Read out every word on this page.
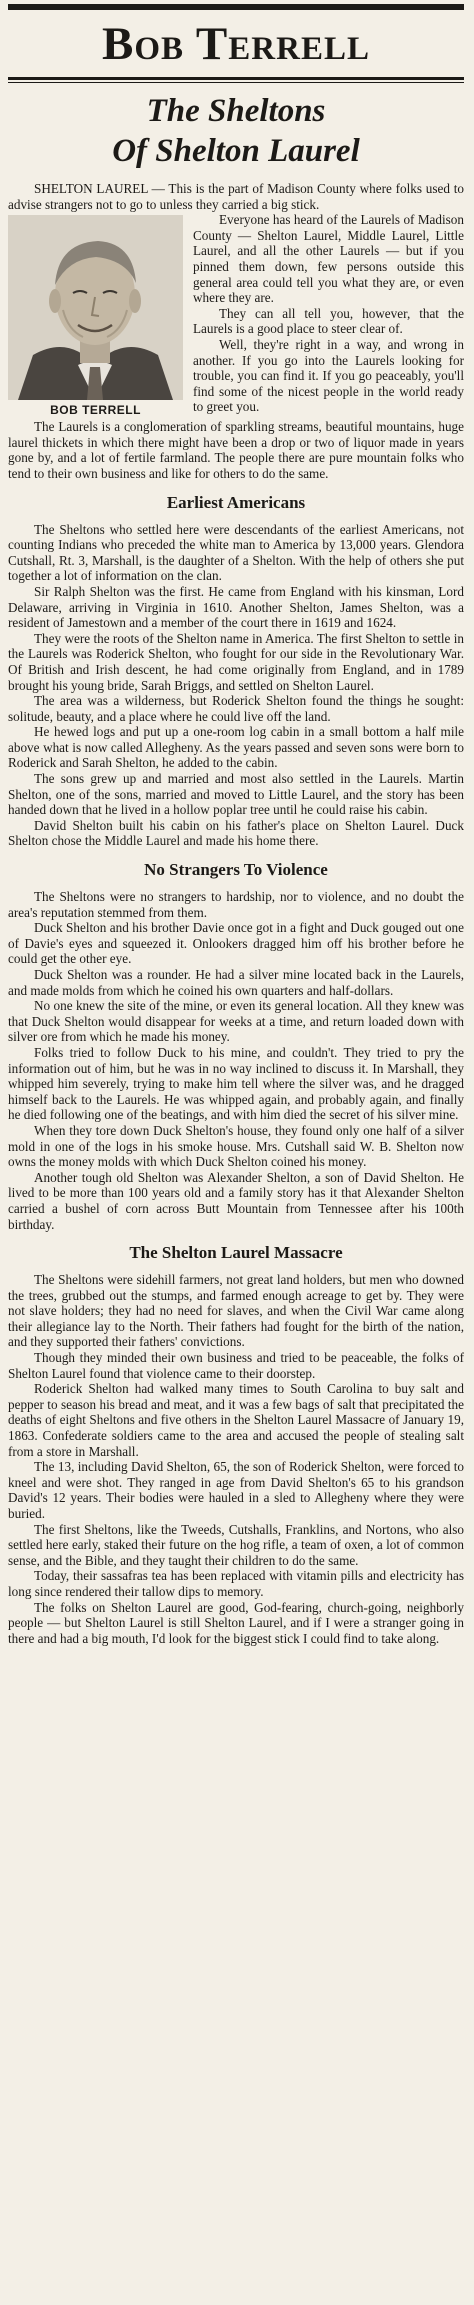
Bob Terrell
The Sheltons
Of Shelton Laurel

SHELTON LAUREL — This is the part of Madison County where folks used to advise strangers not to go to unless they carried a big stick.

BOB TERRELL

Everyone has heard of the Laurels of Madison County — Shelton Laurel, Middle Laurel, Little Laurel, and all the other Laurels — but if you pinned them down, few persons outside this general area could tell you what they are, or even where they are.

They can all tell you, however, that the Laurels is a good place to steer clear of.

Well, they're right in a way, and wrong in another. If you go into the Laurels looking for trouble, you can find it. If you go peaceably, you'll find some of the nicest people in the world ready to greet you.

The Laurels is a conglomeration of sparkling streams, beautiful mountains, huge laurel thickets in which there might have been a drop or two of liquor made in years gone by, and a lot of fertile farmland. The people there are pure mountain folks who tend to their own business and like for others to do the same.

Earliest Americans

The Sheltons who settled here were descendants of the earliest Americans, not counting Indians who preceded the white man to America by 13,000 years. Glendora Cutshall, Rt. 3, Marshall, is the daughter of a Shelton. With the help of others she put together a lot of information on the clan.

Sir Ralph Shelton was the first. He came from England with his kinsman, Lord Delaware, arriving in Virginia in 1610. Another Shelton, James Shelton, was a resident of Jamestown and a member of the court there in 1619 and 1624.

They were the roots of the Shelton name in America. The first Shelton to settle in the Laurels was Roderick Shelton, who fought for our side in the Revolutionary War. Of British and Irish descent, he had come originally from England, and in 1789 brought his young bride, Sarah Briggs, and settled on Shelton Laurel.

The area was a wilderness, but Roderick Shelton found the things he sought: solitude, beauty, and a place where he could live off the land.

He hewed logs and put up a one-room log cabin in a small bottom a half mile above what is now called Allegheny. As the years passed and seven sons were born to Roderick and Sarah Shelton, he added to the cabin.

The sons grew up and married and most also settled in the Laurels. Martin Shelton, one of the sons, married and moved to Little Laurel, and the story has been handed down that he lived in a hollow poplar tree until he could raise his cabin.

David Shelton built his cabin on his father's place on Shelton Laurel. Duck Shelton chose the Middle Laurel and made his home there.

No Strangers To Violence

The Sheltons were no strangers to hardship, nor to violence, and no doubt the area's reputation stemmed from them.

Duck Shelton and his brother Davie once got in a fight and Duck gouged out one of Davie's eyes and squeezed it. Onlookers dragged him off his brother before he could get the other eye.

Duck Shelton was a rounder. He had a silver mine located back in the Laurels, and made molds from which he coined his own quarters and half-dollars.

No one knew the site of the mine, or even its general location. All they knew was that Duck Shelton would disappear for weeks at a time, and return loaded down with silver ore from which he made his money.

Folks tried to follow Duck to his mine, and couldn't. They tried to pry the information out of him, but he was in no way inclined to discuss it. In Marshall, they whipped him severely, trying to make him tell where the silver was, and he dragged himself back to the Laurels. He was whipped again, and probably again, and finally he died following one of the beatings, and with him died the secret of his silver mine.

When they tore down Duck Shelton's house, they found only one half of a silver mold in one of the logs in his smoke house. Mrs. Cutshall said W. B. Shelton now owns the money molds with which Duck Shelton coined his money.

Another tough old Shelton was Alexander Shelton, a son of David Shelton. He lived to be more than 100 years old and a family story has it that Alexander Shelton carried a bushel of corn across Butt Mountain from Tennessee after his 100th birthday.

The Shelton Laurel Massacre

The Sheltons were sidehill farmers, not great land holders, but men who downed the trees, grubbed out the stumps, and farmed enough acreage to get by. They were not slave holders; they had no need for slaves, and when the Civil War came along their allegiance lay to the North. Their fathers had fought for the birth of the nation, and they supported their fathers' convictions.

Though they minded their own business and tried to be peaceable, the folks of Shelton Laurel found that violence came to their doorstep.

Roderick Shelton had walked many times to South Carolina to buy salt and pepper to season his bread and meat, and it was a few bags of salt that precipitated the deaths of eight Sheltons and five others in the Shelton Laurel Massacre of January 19, 1863. Confederate soldiers came to the area and accused the people of stealing salt from a store in Marshall.

The 13, including David Shelton, 65, the son of Roderick Shelton, were forced to kneel and were shot. They ranged in age from David Shelton's 65 to his grandson David's 12 years. Their bodies were hauled in a sled to Allegheny where they were buried.

The first Sheltons, like the Tweeds, Cutshalls, Franklins, and Nortons, who also settled here early, staked their future on the hog rifle, a team of oxen, a lot of common sense, and the Bible, and they taught their children to do the same.

Today, their sassafras tea has been replaced with vitamin pills and electricity has long since rendered their tallow dips to memory.

The folks on Shelton Laurel are good, God-fearing, church-going, neighborly people — but Shelton Laurel is still Shelton Laurel, and if I were a stranger going in there and had a big mouth, I'd look for the biggest stick I could find to take along.
